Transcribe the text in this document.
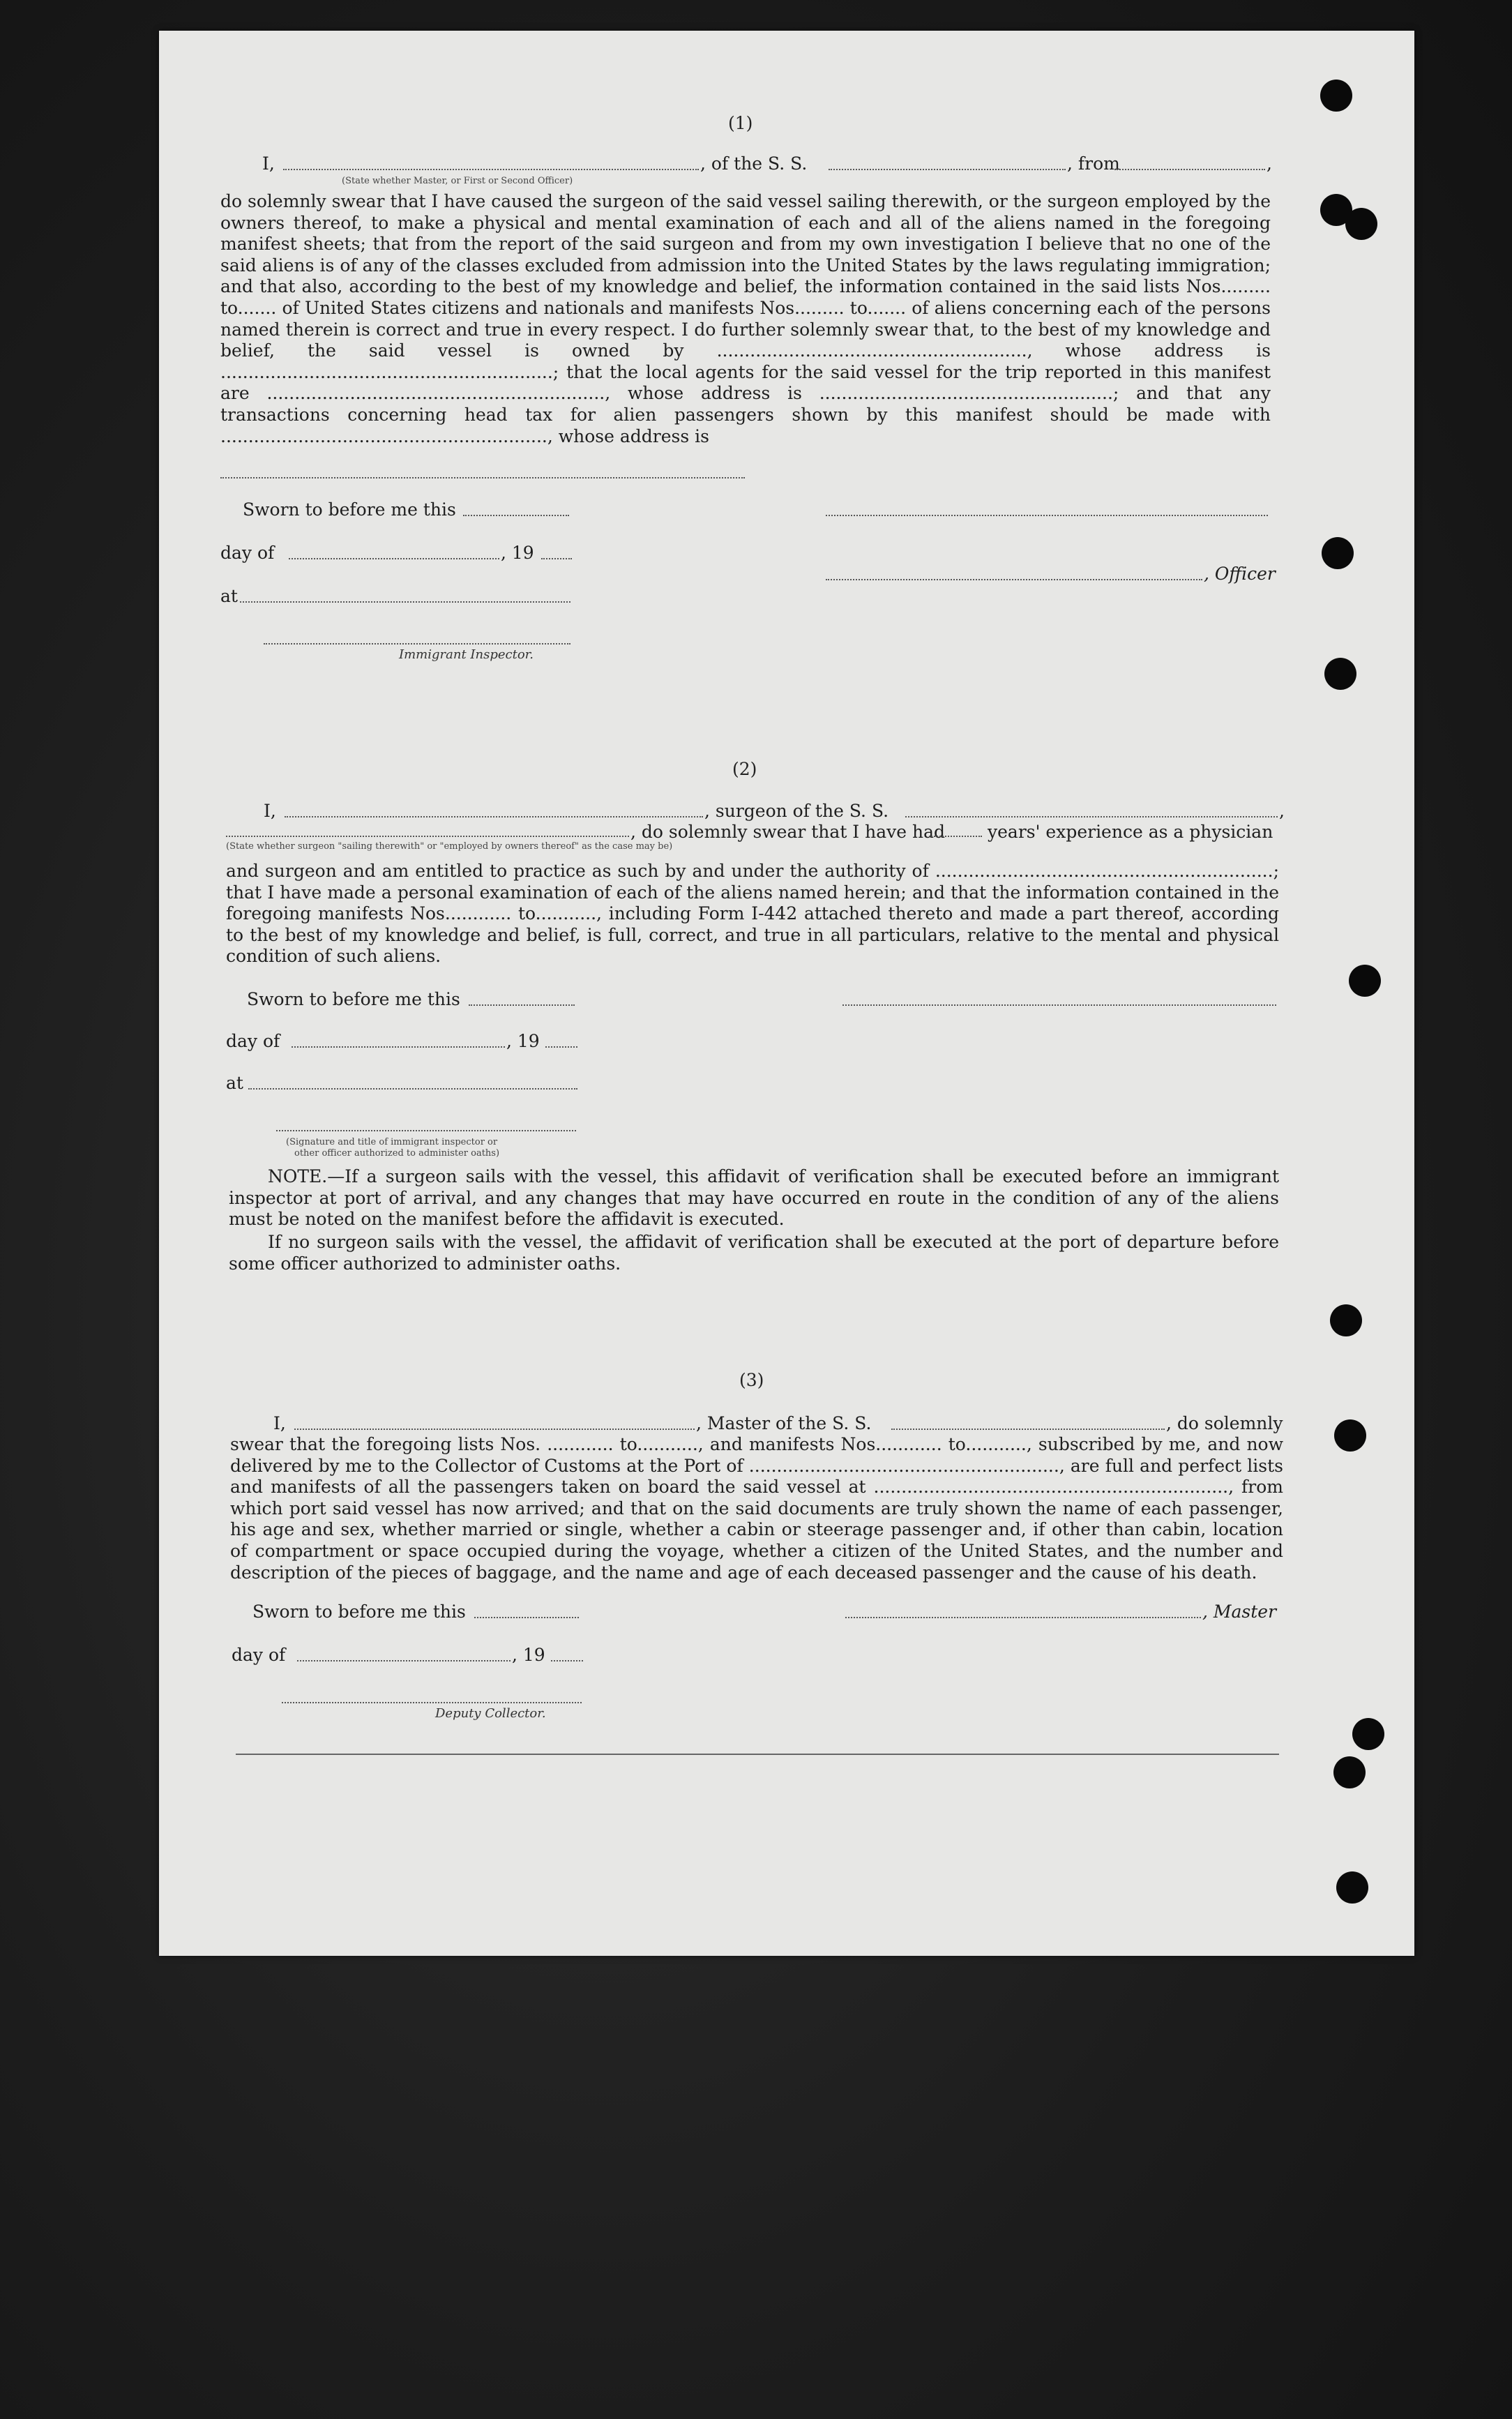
(1)
I,	, of the S. S.	, from	,
(State whether Master, or First or Second Officer)
do solemnly swear that I have caused the surgeon of the said vessel sailing therewith, or the surgeon employed by the owners thereof, to make a physical and mental examination of each and all of the aliens named in the foregoing manifest sheets; that from the report of the said surgeon and from my own investigation I believe that no one of the said aliens is of any of the classes excluded from admission into the United States by the laws regulating immigration; and that also, according to the best of my knowledge and belief, the information contained in the said lists Nos......... to....... of United States citizens and nationals and manifests Nos......... to....... of aliens concerning each of the persons named therein is correct and true in every respect. I do further solemnly swear that, to the best of my knowledge and belief, the said vessel is owned by ........................................................, whose address is ............................................................; that the local agents for the said vessel for the trip reported in this manifest are ............................................................., whose address is .....................................................; and that any transactions concerning head tax for alien passengers shown by this manifest should be made with ..........................................................., whose address is
Sworn to before me this
day of	, 19
, Officer
at
Immigrant Inspector.
(2)
I,	, surgeon of the S. S.	,
, do solemnly swear that I have had years' experience as a physician
(State whether surgeon "sailing therewith" or "employed by owners thereof" as the case may be)
and surgeon and am entitled to practice as such by and under the authority of .............................................................; that I have made a personal examination of each of the aliens named herein; and that the information contained in the foregoing manifests Nos............ to..........., including Form I-442 attached thereto and made a part thereof, according to the best of my knowledge and belief, is full, correct, and true in all particulars, relative to the mental and physical condition of such aliens.
Sworn to before me this
day of	, 19
at
(Signature and title of immigrant inspector or
other officer authorized to administer oaths)
NOTE.—If a surgeon sails with the vessel, this affidavit of verification shall be executed before an immigrant inspector at port of arrival, and any changes that may have occurred en route in the condition of any of the aliens must be noted on the manifest before the affidavit is executed.
If no surgeon sails with the vessel, the affidavit of verification shall be executed at the port of departure before some officer authorized to administer oaths.
(3)
I,	, Master of the S. S.	, do solemnly
swear that the foregoing lists Nos. ............ to..........., and manifests Nos............ to..........., subscribed by me, and now delivered by me to the Collector of Customs at the Port of ........................................................, are full and perfect lists and manifests of all the passengers taken on board the said vessel at ................................................................, from which port said vessel has now arrived; and that on the said documents are truly shown the name of each passenger, his age and sex, whether married or single, whether a cabin or steerage passenger and, if other than cabin, location of compartment or space occupied during the voyage, whether a citizen of the United States, and the number and description of the pieces of baggage, and the name and age of each deceased passenger and the cause of his death.
Sworn to before me this	, Master
day of	, 19
Deputy Collector.
